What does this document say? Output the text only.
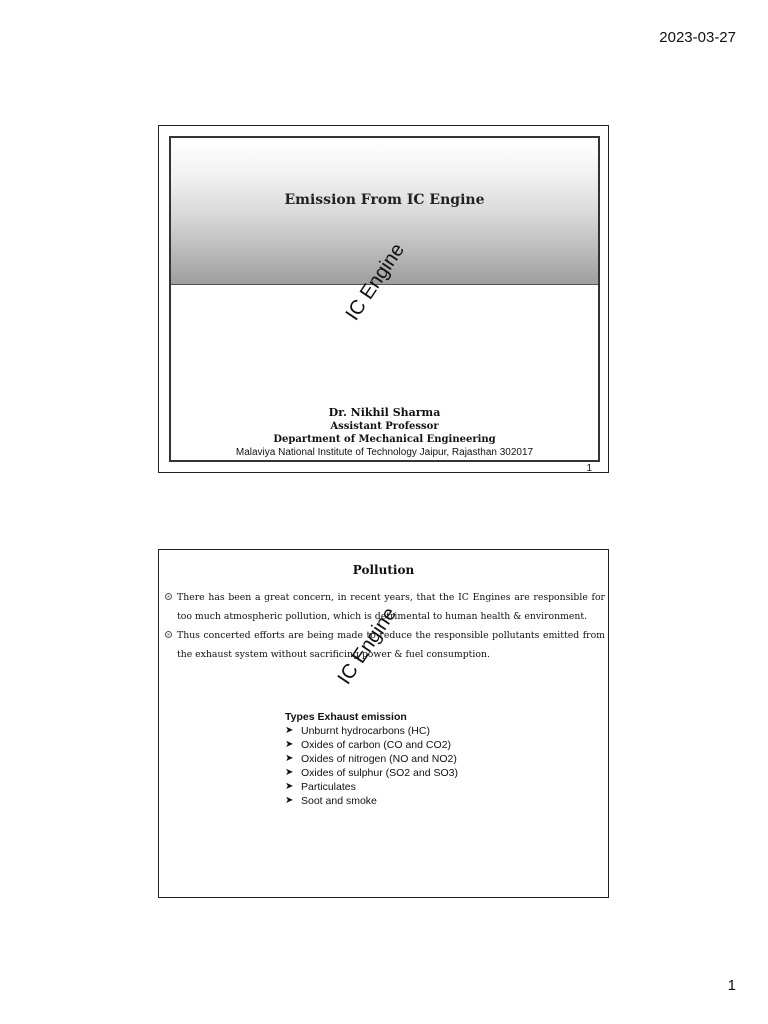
2023-03-27
Emission From IC Engine
IC Engine
Dr. Nikhil Sharma
Assistant Professor
Department of Mechanical Engineering
Malaviya National Institute of Technology Jaipur, Rajasthan 302017
1
Pollution
There has been a great concern, in recent years, that the IC Engines are responsible for too much atmospheric pollution, which is detrimental to human health & environment.
Thus concerted efforts are being made to reduce the responsible pollutants emitted from the exhaust system without sacrificing power & fuel consumption.
IC Engine
Types Exhaust emission
➤ Unburnt hydrocarbons (HC)
➤ Oxides of carbon (CO and CO2)
➤ Oxides of nitrogen (NO and NO2)
➤ Oxides of sulphur (SO2 and SO3)
➤ Particulates
➤ Soot and smoke
1
